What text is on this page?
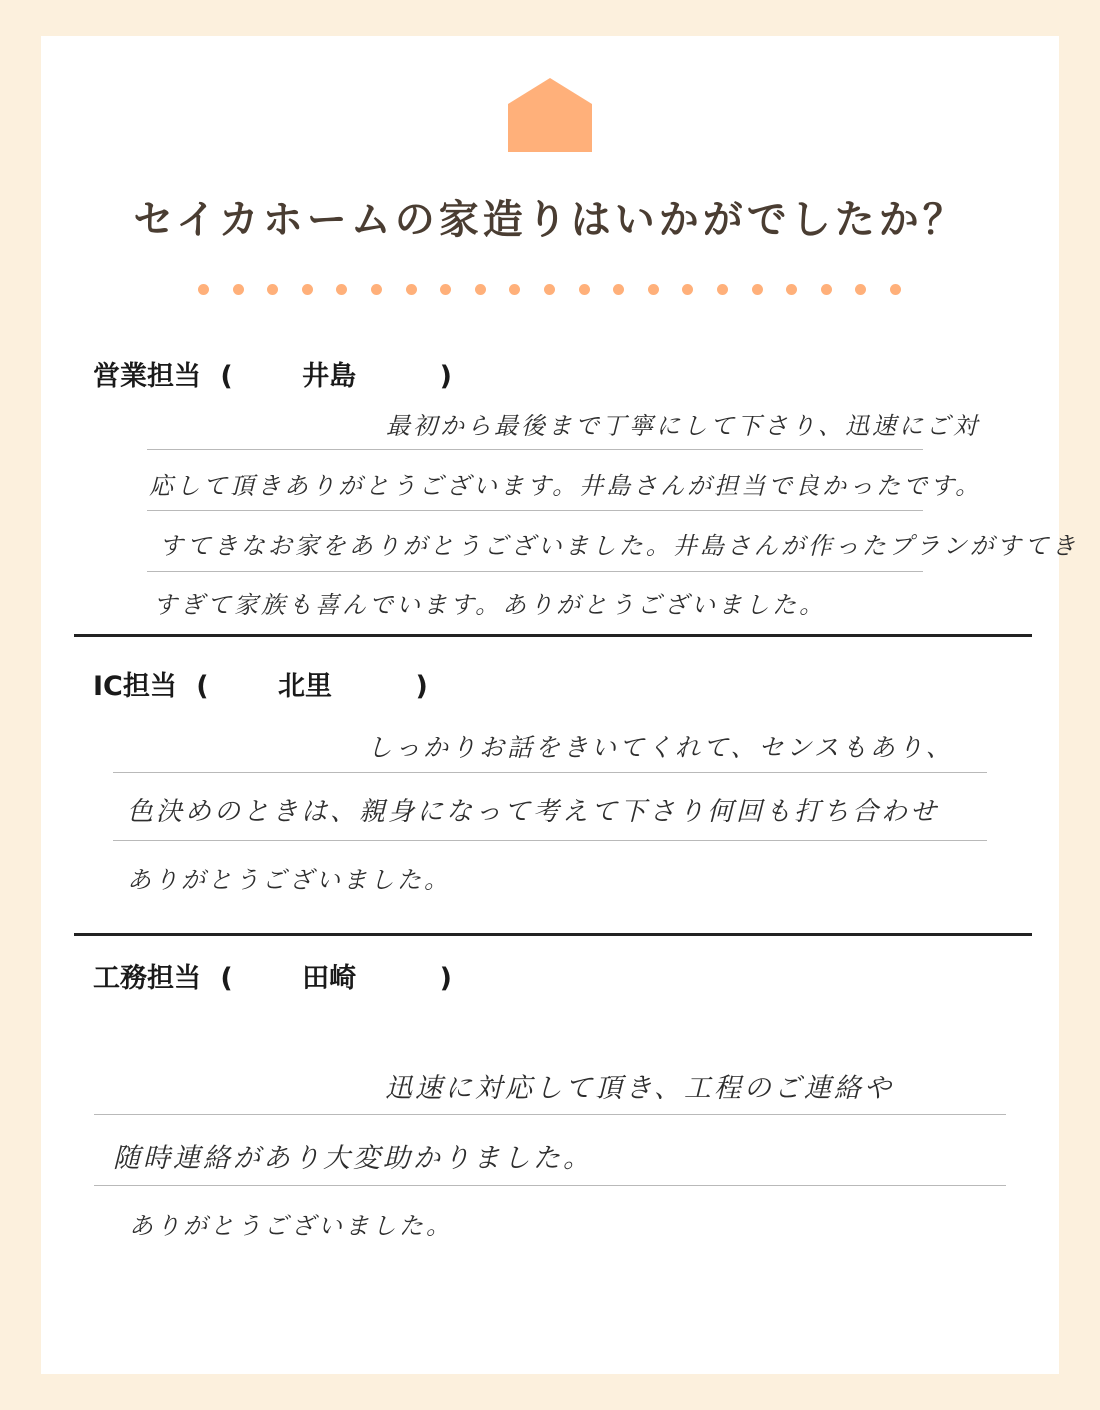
セイカホームの家造りはいかがでしたか？
営業担当 (	井島	)
最初から最後まで丁寧にして下さり、迅速にご対
応して頂きありがとうございます。井島さんが担当で良かったです。
すてきなお家をありがとうございました。井島さんが作ったプランがすてき
すぎて家族も喜んでいます。ありがとうございました。
IC担当 (	北里	)
しっかりお話をきいてくれて、センスもあり、
色決めのときは、親身になって考えて下さり何回も打ち合わせ
ありがとうございました。
工務担当 (	田崎	)
迅速に対応して頂き、工程のご連絡や
随時連絡があり大変助かりました。
ありがとうございました。
